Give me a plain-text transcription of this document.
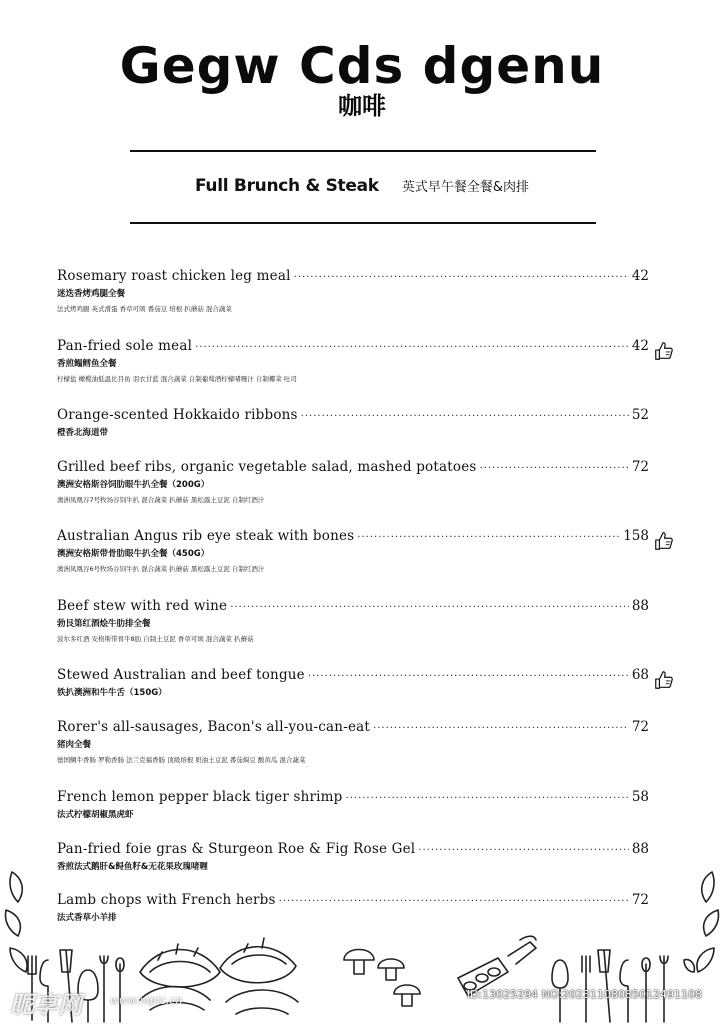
Gegw Cds dgenu
咖啡
Full Brunch & Steak 英式早午餐全餐&肉排
Rosemary roast chicken leg meal .....	42
迷迭香烤鸡腿全餐
法式烤鸡腿 英式滑蛋 香草可颂 番茄豆 培根 扒蘑菇 混合蔬菜
Pan-fried sole meal .....	42
香煎鳎鳕鱼全餐
柠檬盐 橄榄油低温比目鱼 羽衣甘蓝 混合蔬菜 自制葡萄酒柠檬啫喱汁 自制椰菜 吐司
Orange-scented Hokkaido ribbons .....	52
橙香北海道带
Grilled beef ribs, organic vegetable salad, mashed potatoes .....	72
澳洲安格斯谷饲肋眼牛扒全餐（200G）
澳洲凤凰谷7号牧场谷饲牛扒 混合蔬菜 扒蘑菇 黑松露土豆泥 自制红酒汁
Australian Angus rib eye steak with bones .....	158
澳洲安格斯带骨肋眼牛扒全餐（450G）
澳洲凤凰谷6号牧场谷饲牛扒 混合蔬菜 扒蘑菇 黑松露土豆泥 自制红酒汁
Beef stew with red wine .....	88
勃艮第红酒烩牛肋排全餐
波尔多红酒 安格斯带骨牛8肋 自制土豆泥 香草可颂 混合蔬菜 扒蘑菇
Stewed Australian and beef tongue .....	68
铁扒澳洲和牛牛舌（150G）
Rorer's all-sausages, Bacon's all-you-can-eat .....	72
猪肉全餐
德国鲷牛香肠 罗勒香肠 法兰克福香肠 顶级培根 奶油土豆泥 番茄焗豆 酸黄瓜 混合蔬菜
French lemon pepper black tiger shrimp .....	58
法式柠檬胡椒黑虎虾
Pan-fried foie gras & Sturgeon Roe & Fig Rose Gel .....	88
香煎法式鹅肝&鲟鱼籽&无花果玫瑰啫喱
Lamb chops with French herbs .....	72
法式香草小羊排
昵享网	www.nipic.cn	ID:13025294 NO:20231108085012491108
